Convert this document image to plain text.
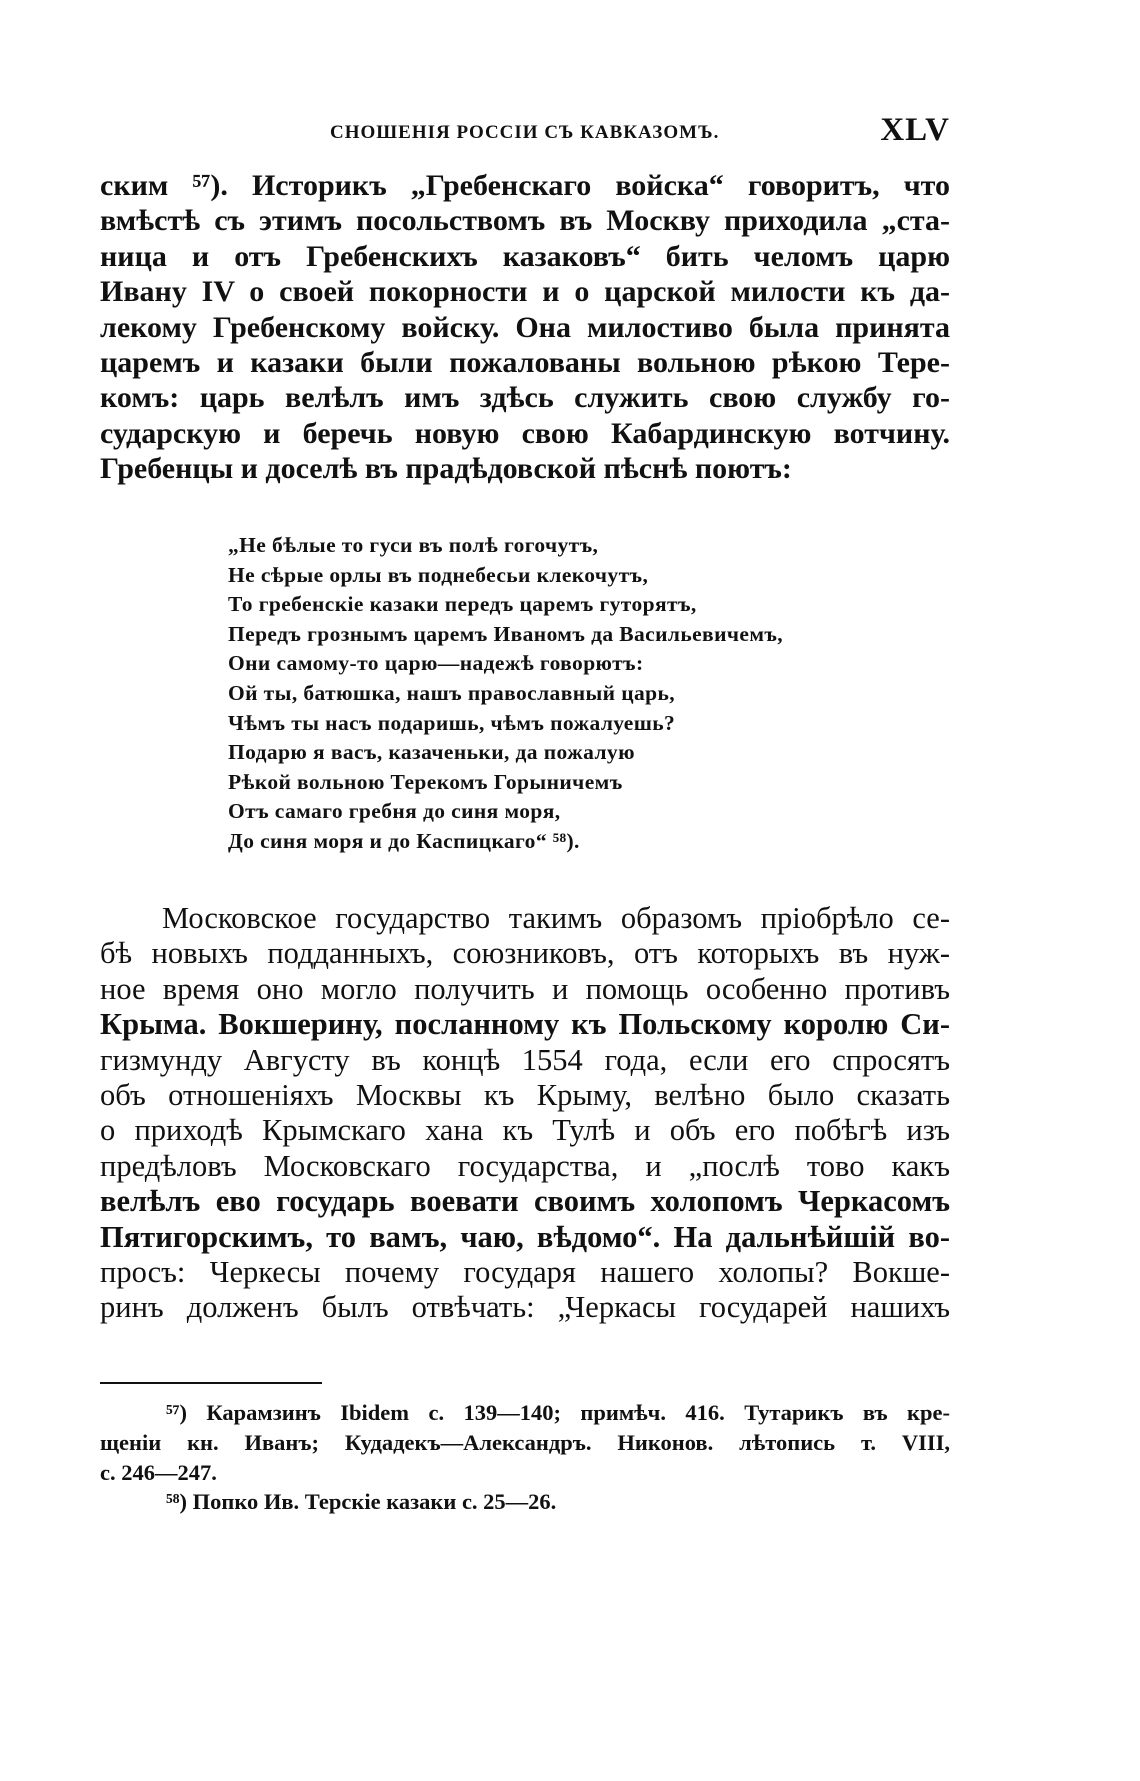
СНОШЕНІЯ РОССІИ СЪ КАВКАЗОМЪ.	XLV
ским ⁵⁷). Историкъ „Гребенскаго войска“ говоритъ, что
вмѣстѣ съ этимъ посольствомъ въ Москву приходила „ста-
ница и отъ Гребенскихъ казаковъ“ бить челомъ царю
Ивану IV о своей покорности и о царской милости къ да-
лекому Гребенскому войску. Она милостиво была принята
царемъ и казаки были пожалованы вольною рѣкою Тере-
комъ: царь велѣлъ имъ здѣсь служить свою службу го-
сударскую и беречь новую свою Кабардинскую вотчину.
Гребенцы и доселѣ въ прадѣдовской пѣснѣ поютъ:
„Не бѣлые то гуси въ полѣ гогочутъ,
Не сѣрые орлы въ поднебесьи клекочутъ,
То гребенскіе казаки передъ царемъ гуторятъ,
Передъ грознымъ царемъ Иваномъ да Васильевичемъ,
Они самому-то царю—надежѣ говорютъ:
Ой ты, батюшка, нашъ православный царь,
Чѣмъ ты насъ подаришь, чѣмъ пожалуешь?
Подарю я васъ, казаченьки, да пожалую
Рѣкой вольною Терекомъ Горыничемъ
Отъ самаго гребня до синя моря,
До синя моря и до Каспицкаго“ ⁵⁸).
Московское государство такимъ образомъ пріобрѣло се-
бѣ новыхъ подданныхъ, союзниковъ, отъ которыхъ въ нуж-
ное время оно могло получить и помощь особенно противъ
Крыма. Вокшерину, посланному къ Польскому королю Си-
гизмунду Августу въ концѣ 1554 года, если его спросятъ
объ отношеніяхъ Москвы къ Крыму, велѣно было сказать
о приходѣ Крымскаго хана къ Тулѣ и объ его побѣгѣ изъ
предѣловъ Московскаго государства, и „послѣ тово какъ
велѣлъ ево государь воевати своимъ холопомъ Черкасомъ
Пятигорскимъ, то вамъ, чаю, вѣдомо“. На дальнѣйшій во-
просъ: Черкесы почему государя нашего холопы? Вокше-
ринъ долженъ былъ отвѣчать: „Черкасы государей нашихъ
⁵⁷) Карамзинъ Ibidem с. 139—140; примѣч. 416. Тутарикъ въ кре-
щеніи кн. Иванъ; Кудадекъ—Александръ. Никонов. лѣтопись т. VIII,
с. 246—247.
⁵⁸) Попко Ив. Терскіе казаки с. 25—26.
